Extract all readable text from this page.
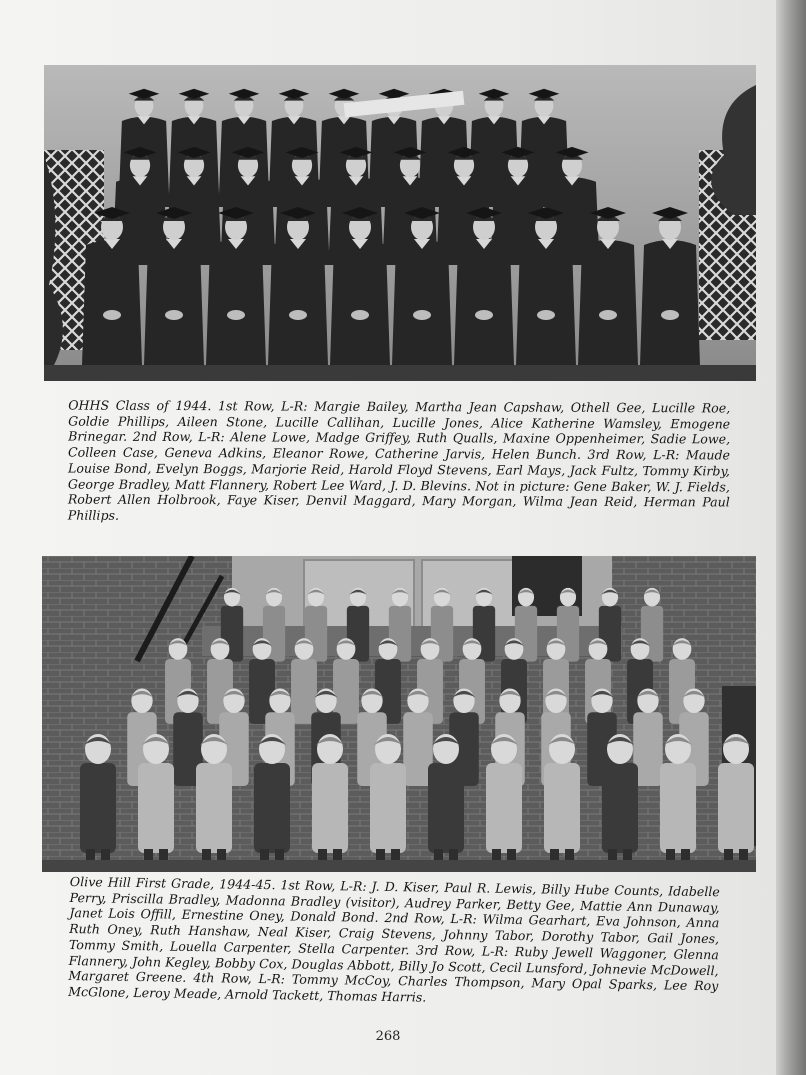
OHHS Class of 1944. 1st Row, L-R: Margie Bailey, Martha Jean Capshaw, Othell Gee, Lucille Roe, Goldie Phillips, Aileen Stone, Lucille Callihan, Lucille Jones, Alice Katherine Wamsley, Emogene Brinegar. 2nd Row, L-R: Alene Lowe, Madge Griffey, Ruth Qualls, Maxine Oppenheimer, Sadie Lowe, Colleen Case, Geneva Adkins, Eleanor Rowe, Catherine Jarvis, Helen Bunch. 3rd Row, L-R: Maude Louise Bond, Evelyn Boggs, Marjorie Reid, Harold Floyd Stevens, Earl Mays, Jack Fultz, Tommy Kirby, George Bradley, Matt Flannery, Robert Lee Ward, J. D. Blevins. Not in picture: Gene Baker, W. J. Fields, Robert Allen Holbrook, Faye Kiser, Denvil Maggard, Mary Morgan, Wilma Jean Reid, Herman Paul Phillips.

Olive Hill First Grade, 1944-45. 1st Row, L-R: J. D. Kiser, Paul R. Lewis, Billy Hube Counts, Idabelle Perry, Priscilla Bradley, Madonna Bradley (visitor), Audrey Parker, Betty Gee, Mattie Ann Dunaway, Janet Lois Offill, Ernestine Oney, Donald Bond. 2nd Row, L-R: Wilma Gearhart, Eva Johnson, Anna Ruth Oney, Ruth Hanshaw, Neal Kiser, Craig Stevens, Johnny Tabor, Dorothy Tabor, Gail Jones, Tommy Smith, Louella Carpenter, Stella Carpenter. 3rd Row, L-R: Ruby Jewell Waggoner, Glenna Flannery, John Kegley, Bobby Cox, Douglas Abbott, Billy Jo Scott, Cecil Lunsford, Johnevie McDowell, Margaret Greene. 4th Row, L-R: Tommy McCoy, Charles Thompson, Mary Opal Sparks, Lee Roy McGlone, Leroy Meade, Arnold Tackett, Thomas Harris.

268
